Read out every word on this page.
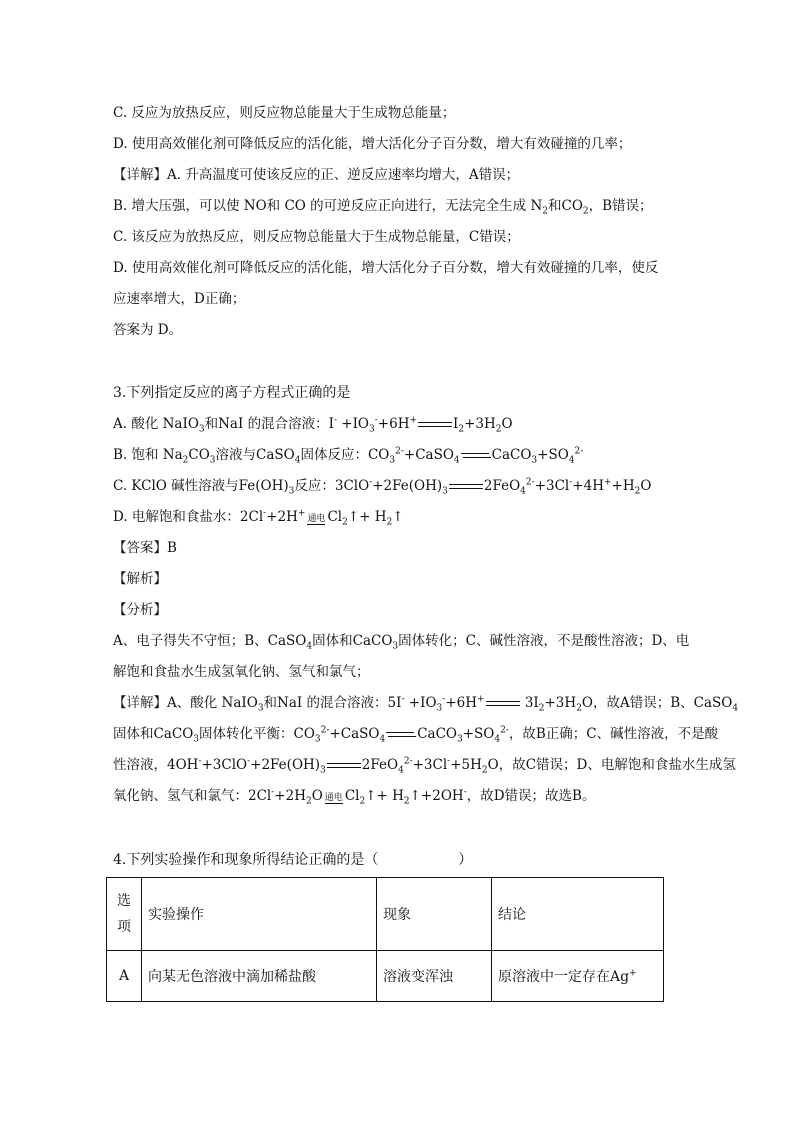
C. 反应为放热反应，则反应物总能量大于生成物总能量；
D. 使用高效催化剂可降低反应的活化能，增大活化分子百分数，增大有效碰撞的几率；
【详解】A. 升高温度可使该反应的正、逆反应速率均增大，A错误；
B. 增大压强，可以使 NO和 CO 的可逆反应正向进行，无法完全生成 $N_2$和$CO_2$，B错误；
C. 该反应为放热反应，则反应物总能量大于生成物总能量，C错误；
D. 使用高效催化剂可降低反应的活化能，增大活化分子百分数，增大有效碰撞的几率，使反
应速率增大，D正确；
答案为 D。
3.下列指定反应的离子方程式正确的是
A. 酸化 NaIO$_3$和NaI 的混合溶液：$I^- +IO_3^-+6H^+$	$I_2+3H_2O$
B. 饱和 $Na_2CO_3$溶液与CaSO$_4$固体反应：$CO_3^{2-}+CaSO_4$ $CaCO_3+SO_4^{2-}$
C. KClO 碱性溶液与$Fe(OH)_3$反应：$3ClO^-+2Fe(OH)_3$	$2FeO_4^{2-}+3Cl^-+4H^++H_2O$
D. 电解饱和食盐水：2Cl-+2H+
通电 $Cl_2↑+$ $H_2↑$
【答案】B
【解析】
【分析】
A、电子得失不守恒；B、CaSO$_4$固体和CaCO$_3$固体转化；C、碱性溶液，不是酸性溶液；D、电
解饱和食盐水生成氢氧化钠、氢气和氯气；
【详解】A、酸化 NaIO$_3$和NaI 的混合溶液：$5I^- +IO_3^-+6H^+$	$3I_2+3H_2O$，故A错误；B、CaSO$_4$
固体和CaCO$_3$固体转化平衡：$CO_3^{2-}+CaSO_4$ $CaCO_3+SO_4^{2-}$，故B正确；C、碱性溶液，不是酸
性溶液，$4OH^-+3ClO^-+2Fe(OH)_3$	$2FeO_4^{2-}+3Cl^-+5H_2O$，故C错误；D、电解饱和食盐水生成氢
氧化钠、氢气和氯气：$2Cl^-+2H_2O$ 通电 $Cl_2↑+$ $H_2↑+2OH^-$，故D错误；故选B。
4.下列实验操作和现象所得结论正确的是（	）
选项	实验操作	现象	结论
A	向某无色溶液中滴加稀盐酸	溶液变浑浊	原溶液中一定存在Ag+
